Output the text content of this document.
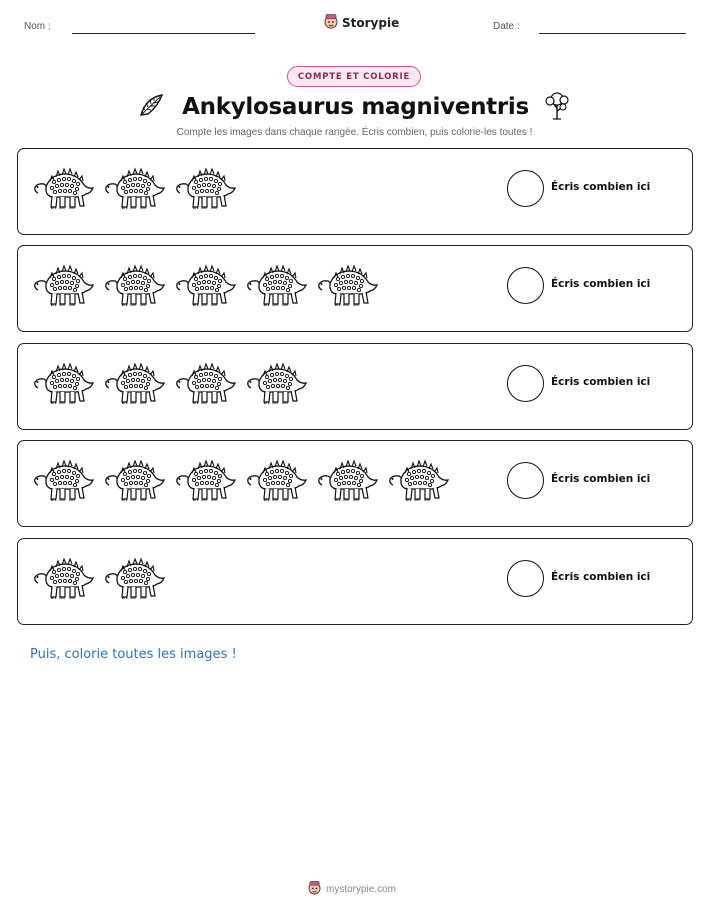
Nom :	Storypie	Date :
COMPTE ET COLORIE
Ankylosaurus magniventris
Compte les images dans chaque rangée. Écris combien, puis colorie-les toutes !
Écris combien ici
Écris combien ici
Écris combien ici
Écris combien ici
Écris combien ici
Puis, colorie toutes les images !
mystorypie.com
